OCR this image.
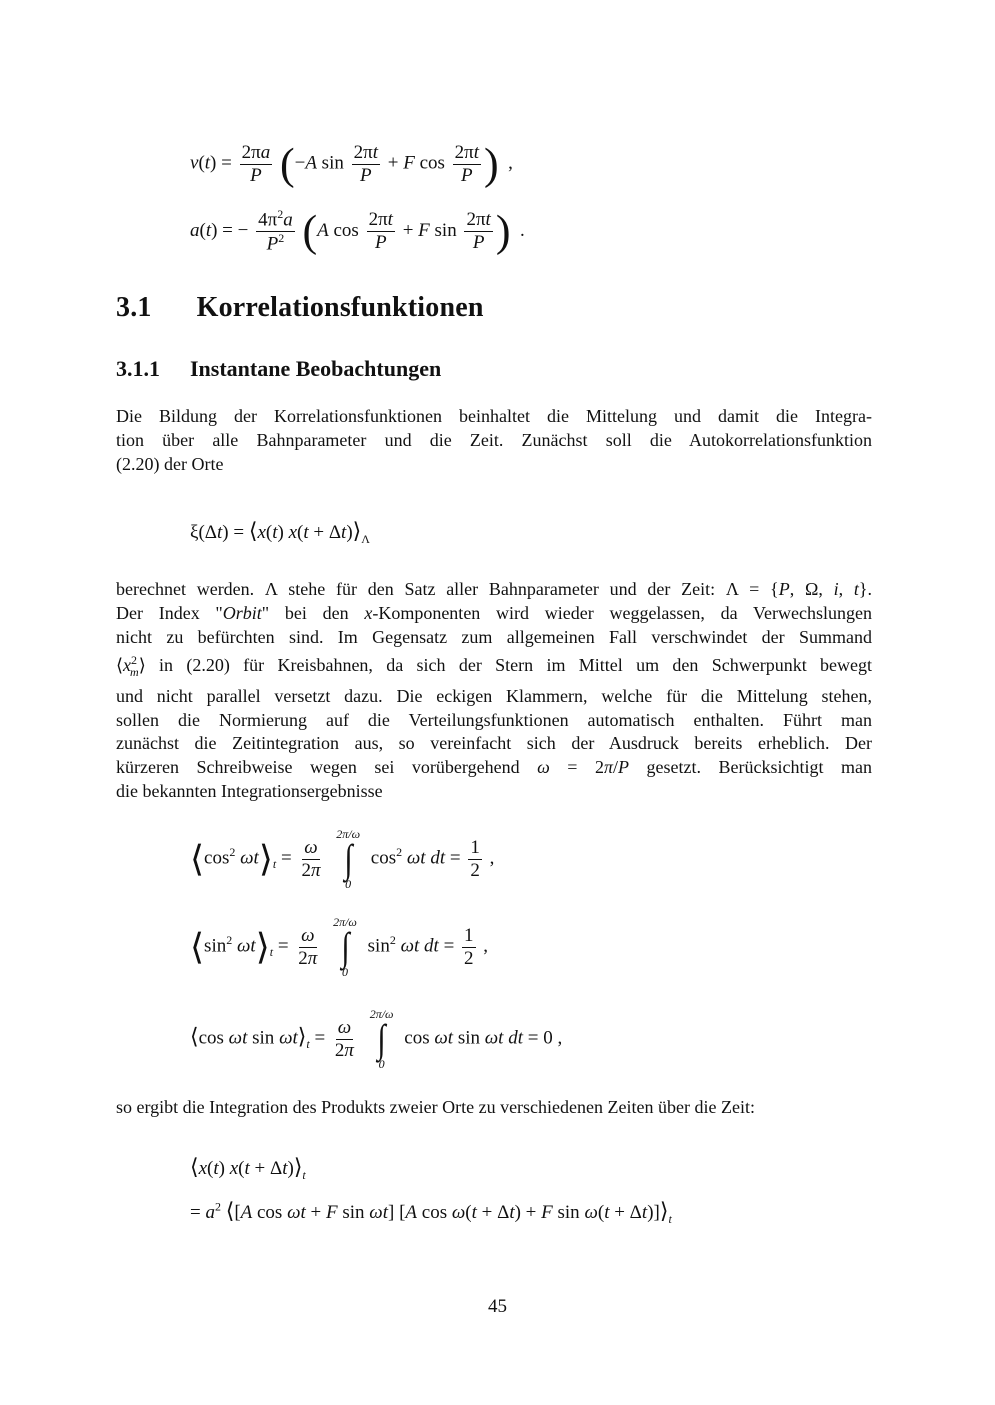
$v(t) = \frac{2\pi a}{P} (-A$ $\sin \frac{2\pi t}{P} + F$ $\cos \frac{2\pi t}{P}$ )  ,
a(t) = − $\frac{4\pi^2a}{P^2} (A$ $\cos \frac{2\pi t}{P} + F$ $\sin \frac{2\pi t}{P}$ )  .
3.1 Korrelationsfunktionen
3.1.1 Instantane Beobachtungen
Die Bildung der Korrelationsfunktionen beinhaltet die Mittelung und damit die Integra-
tion über alle Bahnparameter und die Zeit. Zunächst soll die Autokorrelationsfunktion
(2.20) der Orte
ξ(Δt) = ⟨x(t) $x(t + \Delta t)⟩_\Lambda$
berechnet werden. Λ stehe für den Satz aller Bahnparameter und der Zeit: Λ = {P, Ω, i, t}.
Der Index "Orbit" bei den x-Komponenten wird wieder weggelassen, da Verwechslungen
nicht zu befürchten sind. Im Gegensatz zum allgemeinen Fall verschwindet der Summand
$⟨x^2_m⟩$ in (2.20) für Kreisbahnen, da sich der Stern im Mittel um den Schwerpunkt bewegt
und nicht parallel versetzt dazu. Die eckigen Klammern, welche für die Mittelung stehen,
sollen die Normierung auf die Verteilungsfunktionen automatisch enthalten. Führt man
zunächst die Zeitintegration aus, so vereinfacht sich der Ausdruck bereits erheblich. Der
kürzeren Schreibweise wegen sei vorübergehend ω = 2π/P gesetzt. Berücksichtigt man
die bekannten Integrationsergebnisse
$⟨\cos^2$ $\omega t⟩_t = \frac{\omega}{2\pi}$

2π/ω
∫
0
$\cos^2 \omega t$ dt = $\frac{1}{2}$ ,
$⟨\sin^2$ $\omega t⟩_t = \frac{\omega}{2\pi}$

2π/ω
∫
0
$\sin^2 \omega t$ dt = $\frac{1}{2}$ ,
⟨cos ωt $\sin \omega t⟩_t = \frac{\omega}{2\pi}$

2π/ω
∫
0
cos ωt sin ωt dt = 0 ,
so ergibt die Integration des Produkts zweier Orte zu verschiedenen Zeiten über die Zeit:
⟨x(t) $x(t + \Delta t)⟩_t$
= $a^2$ ⟨[A cos ωt + F sin ωt] [A cos ω(t + Δt) + F $\sin \omega(t + \Delta t)]⟩_t$
45
